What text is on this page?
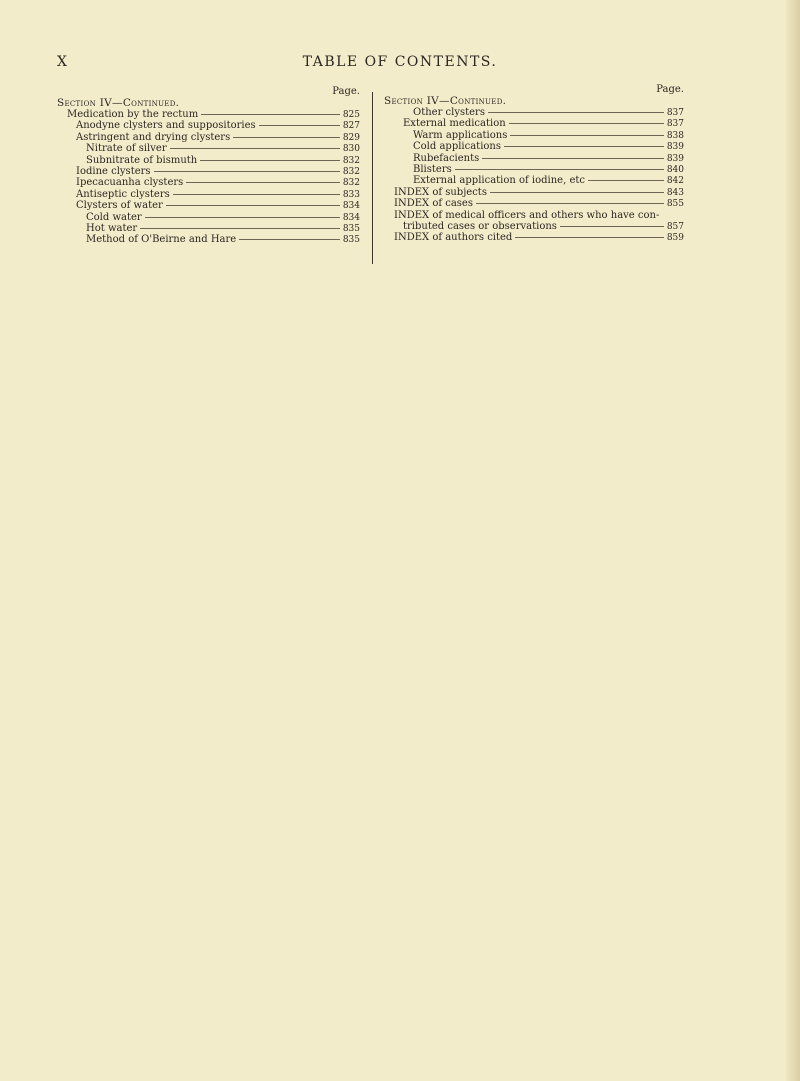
X	TABLE OF CONTENTS.
Page.
Section IV—Continued.
Medication by the rectum	825
Anodyne clysters and suppositories	827
Astringent and drying clysters	829
Nitrate of silver	830
Subnitrate of bismuth	832
Iodine clysters	832
Ipecacuanha clysters	832
Antiseptic clysters	833
Clysters of water	834
Cold water	834
Hot water	835
Method of O'Beirne and Hare	835
Page.
Section IV—Continued.
Other clysters	837
External medication	837
Warm applications	838
Cold applications	839
Rubefacients	839
Blisters	840
External application of iodine, etc	842
INDEX of subjects	843
INDEX of cases	855
INDEX of medical officers and others who have con-
tributed cases or observations	857
INDEX of authors cited	859
